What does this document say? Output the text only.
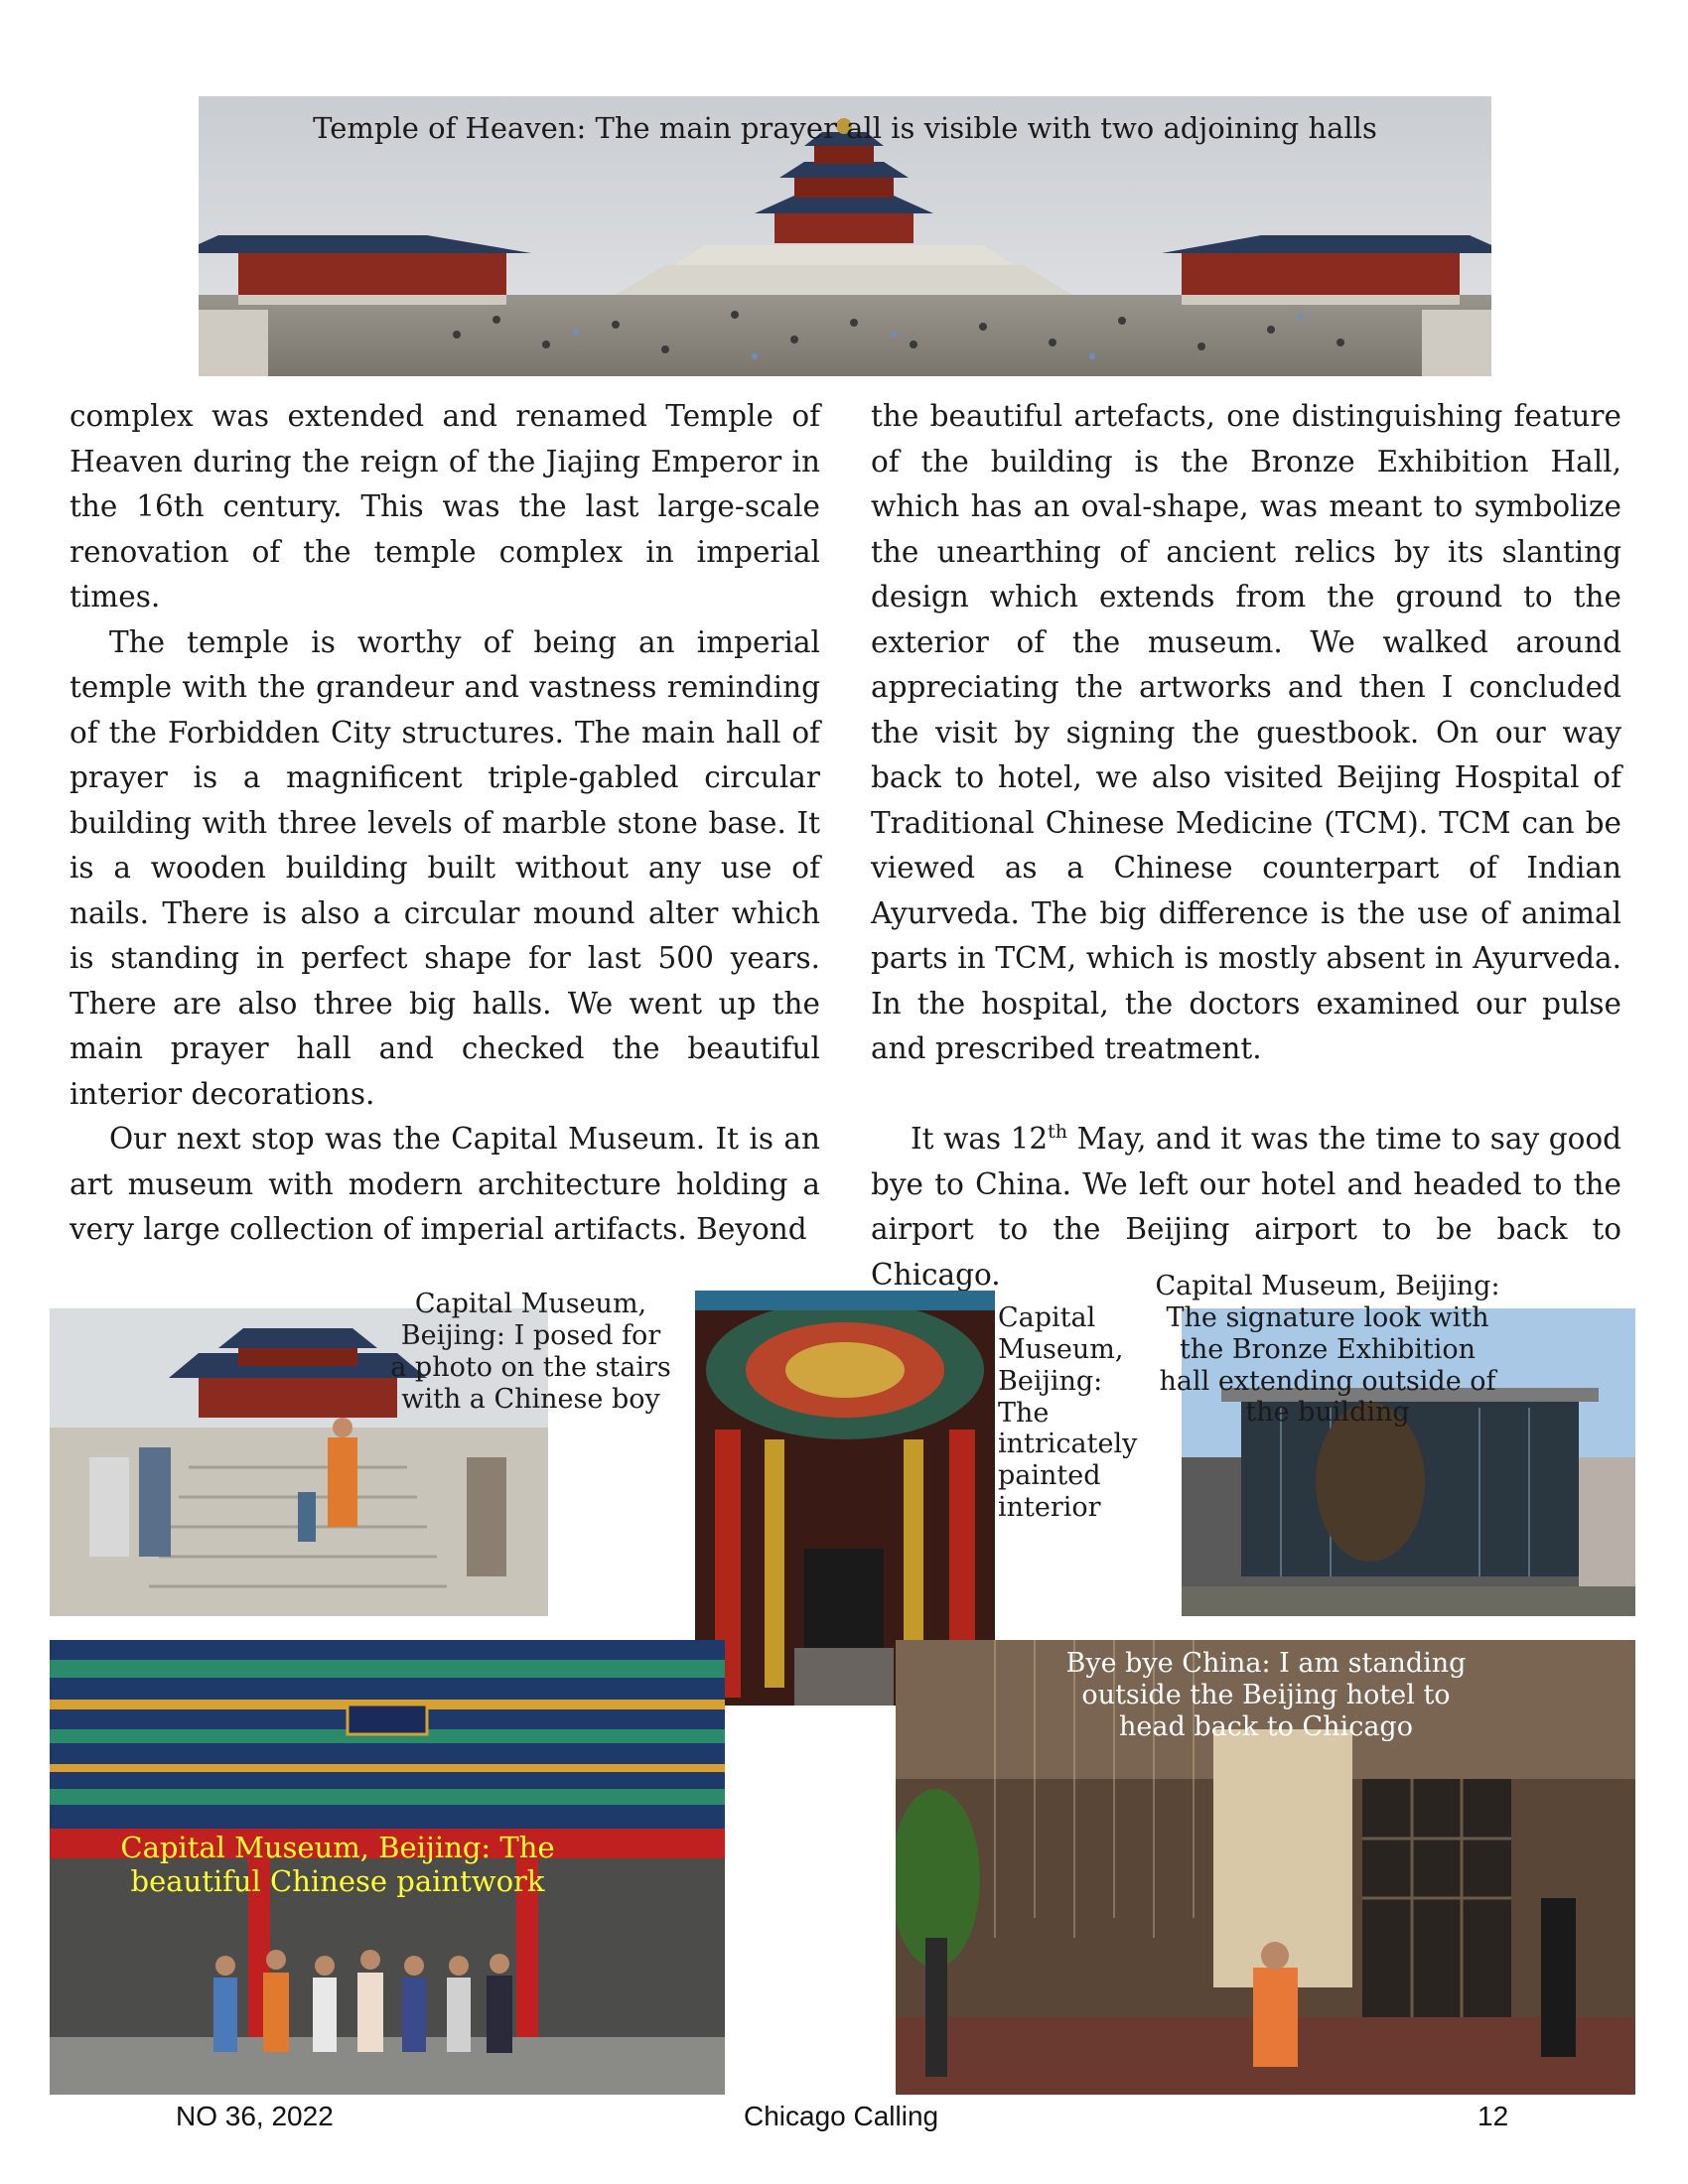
Temple of Heaven: The main prayer all is visible with two adjoining halls

complex was extended and renamed Temple of Heaven during the reign of the Jiajing Emperor in the 16th century. This was the last large-scale renovation of the temple complex in imperial times.

The temple is worthy of being an imperial temple with the grandeur and vastness reminding of the Forbidden City structures. The main hall of prayer is a magnificent triple-gabled circular building with three levels of marble stone base. It is a wooden building built without any use of nails. There is also a circular mound alter which is standing in perfect shape for last 500 years. There are also three big halls. We went up the main prayer hall and checked the beautiful interior decorations.

Our next stop was the Capital Museum. It is an art museum with modern architecture holding a very large collection of imperial artifacts. Beyond

the beautiful artefacts, one distinguishing feature of the building is the Bronze Exhibition Hall, which has an oval-shape, was meant to symbolize the unearthing of ancient relics by its slanting design which extends from the ground to the exterior of the museum. We walked around appreciating the artworks and then I concluded the visit by signing the guestbook. On our way back to hotel, we also visited Beijing Hospital of Traditional Chinese Medicine (TCM). TCM can be viewed as a Chinese counterpart of Indian Ayurveda. The big difference is the use of animal parts in TCM, which is mostly absent in Ayurveda. In the hospital, the doctors examined our pulse and prescribed treatment.

It was 12th May, and it was the time to say good bye to China. We left our hotel and headed to the airport to the Beijing airport to be back to Chicago.

Capital Museum, Beijing: I posed for a photo on the stairs with a Chinese boy
Capital Museum, Beijing: The intricately painted interior
Capital Museum, Beijing: The signature look with the Bronze Exhibition hall extending outside of the building
Capital Museum, Beijing: The beautiful Chinese paintwork
Bye bye China: I am standing outside the Beijing hotel to head back to Chicago
NO 36, 2022	Chicago Calling	12
